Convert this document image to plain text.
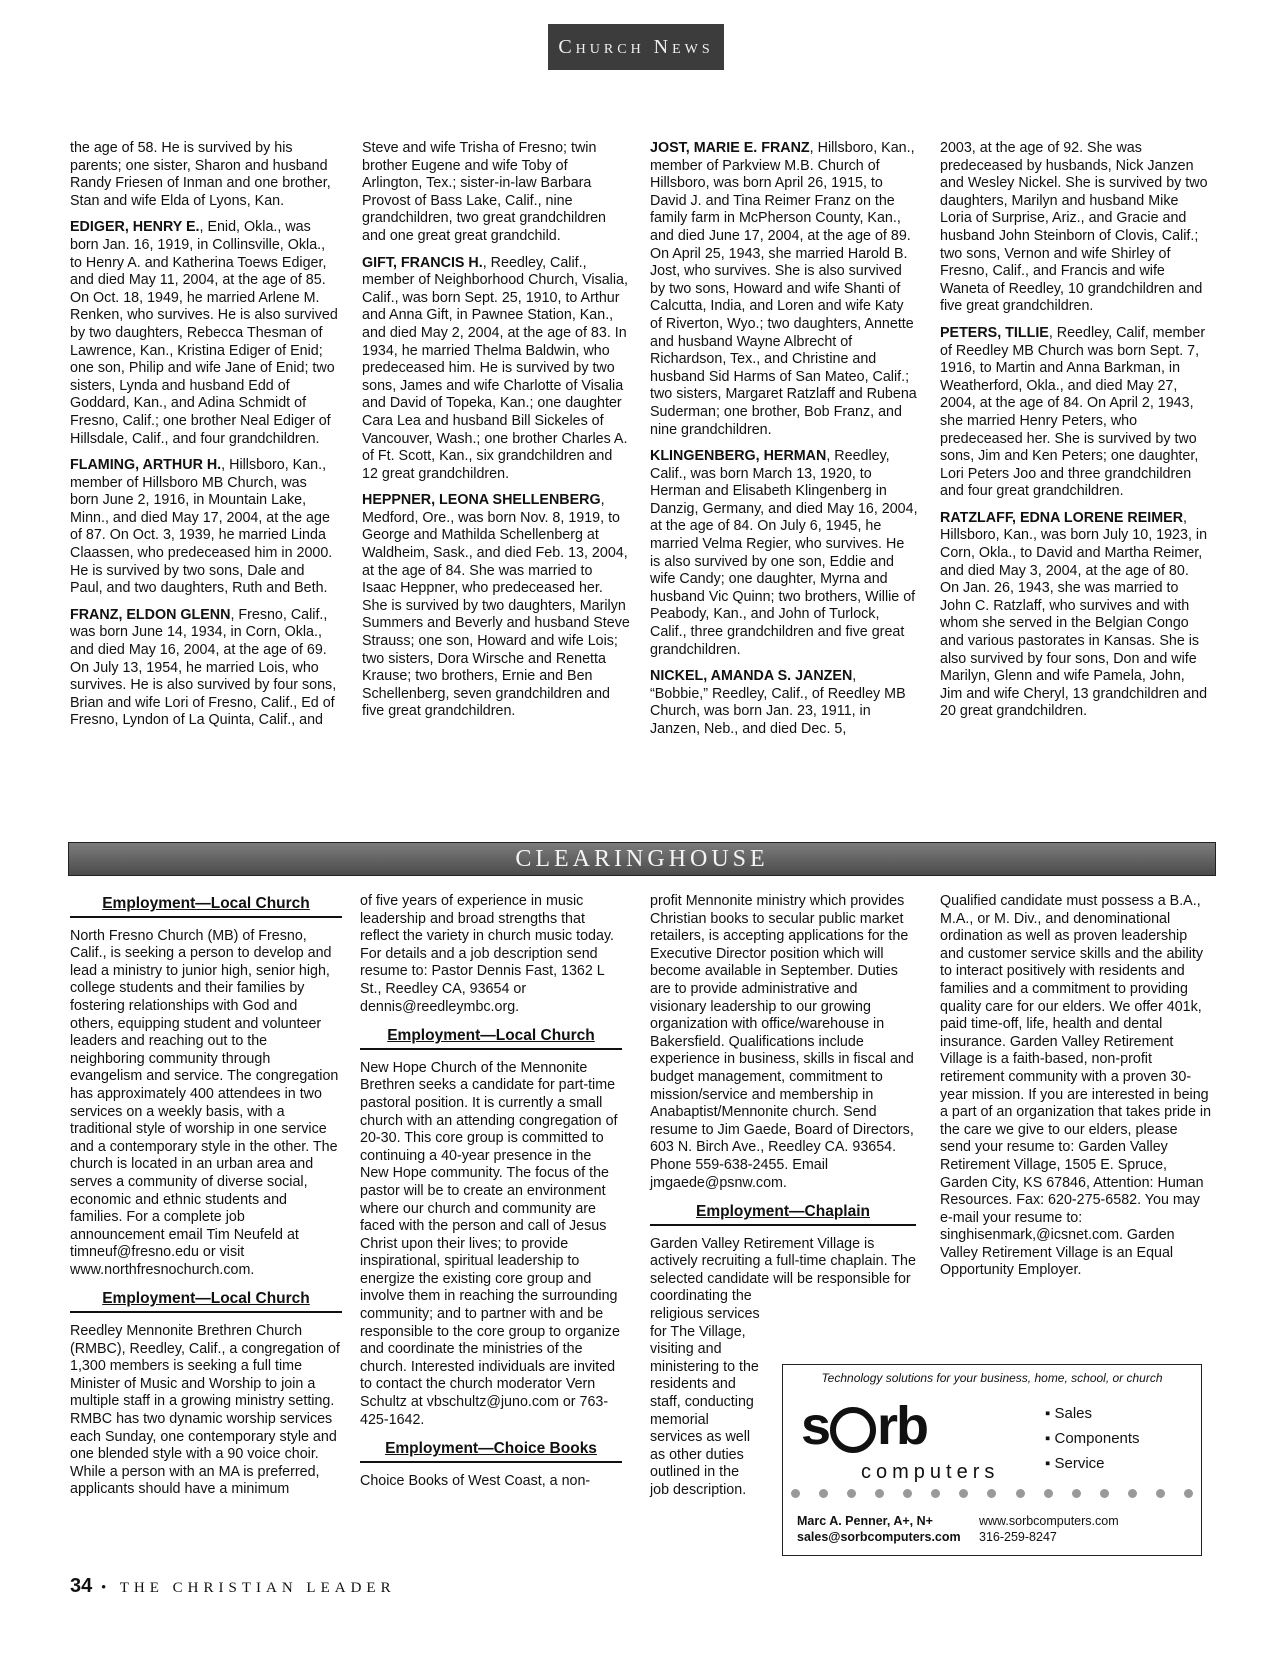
Church News

the age of 58. He is survived by his parents; one sister, Sharon and husband Randy Friesen of Inman and one brother, Stan and wife Elda of Lyons, Kan.

EDIGER, HENRY E., Enid, Okla., was born Jan. 16, 1919, in Collinsville, Okla., to Henry A. and Katherina Toews Ediger, and died May 11, 2004, at the age of 85. On Oct. 18, 1949, he married Arlene M. Renken, who survives. He is also survived by two daughters, Rebecca Thesman of Lawrence, Kan., Kristina Ediger of Enid; one son, Philip and wife Jane of Enid; two sisters, Lynda and husband Edd of Goddard, Kan., and Adina Schmidt of Fresno, Calif.; one brother Neal Ediger of Hillsdale, Calif., and four grandchildren.

FLAMING, ARTHUR H., Hillsboro, Kan., member of Hillsboro MB Church, was born June 2, 1916, in Mountain Lake, Minn., and died May 17, 2004, at the age of 87. On Oct. 3, 1939, he married Linda Claassen, who predeceased him in 2000. He is survived by two sons, Dale and Paul, and two daughters, Ruth and Beth.

FRANZ, ELDON GLENN, Fresno, Calif., was born June 14, 1934, in Corn, Okla., and died May 16, 2004, at the age of 69. On July 13, 1954, he married Lois, who survives. He is also survived by four sons, Brian and wife Lori of Fresno, Calif., Ed of Fresno, Lyndon of La Quinta, Calif., and

Steve and wife Trisha of Fresno; twin brother Eugene and wife Toby of Arlington, Tex.; sister-in-law Barbara Provost of Bass Lake, Calif., nine grandchildren, two great grandchildren and one great great grandchild.

GIFT, FRANCIS H., Reedley, Calif., member of Neighborhood Church, Visalia, Calif., was born Sept. 25, 1910, to Arthur and Anna Gift, in Pawnee Station, Kan., and died May 2, 2004, at the age of 83. In 1934, he married Thelma Baldwin, who predeceased him. He is survived by two sons, James and wife Charlotte of Visalia and David of Topeka, Kan.; one daughter Cara Lea and husband Bill Sickeles of Vancouver, Wash.; one brother Charles A. of Ft. Scott, Kan., six grandchildren and 12 great grandchildren.

HEPPNER, LEONA SHELLENBERG, Medford, Ore., was born Nov. 8, 1919, to George and Mathilda Schellenberg at Waldheim, Sask., and died Feb. 13, 2004, at the age of 84. She was married to Isaac Heppner, who predeceased her. She is survived by two daughters, Marilyn Summers and Beverly and husband Steve Strauss; one son, Howard and wife Lois; two sisters, Dora Wirsche and Renetta Krause; two brothers, Ernie and Ben Schellenberg, seven grandchildren and five great grandchildren.

JOST, MARIE E. FRANZ, Hillsboro, Kan., member of Parkview M.B. Church of Hillsboro, was born April 26, 1915, to David J. and Tina Reimer Franz on the family farm in McPherson County, Kan., and died June 17, 2004, at the age of 89. On April 25, 1943, she married Harold B. Jost, who survives. She is also survived by two sons, Howard and wife Shanti of Calcutta, India, and Loren and wife Katy of Riverton, Wyo.; two daughters, Annette and husband Wayne Albrecht of Richardson, Tex., and Christine and husband Sid Harms of San Mateo, Calif.; two sisters, Margaret Ratzlaff and Rubena Suderman; one brother, Bob Franz, and nine grandchildren.

KLINGENBERG, HERMAN, Reedley, Calif., was born March 13, 1920, to Herman and Elisabeth Klingenberg in Danzig, Germany, and died May 16, 2004, at the age of 84. On July 6, 1945, he married Velma Regier, who survives. He is also survived by one son, Eddie and wife Candy; one daughter, Myrna and husband Vic Quinn; two brothers, Willie of Peabody, Kan., and John of Turlock, Calif., three grandchildren and five great grandchildren.

NICKEL, AMANDA S. JANZEN, “Bobbie,” Reedley, Calif., of Reedley MB Church, was born Jan. 23, 1911, in Janzen, Neb., and died Dec. 5,

2003, at the age of 92. She was predeceased by husbands, Nick Janzen and Wesley Nickel. She is survived by two daughters, Marilyn and husband Mike Loria of Surprise, Ariz., and Gracie and husband John Steinborn of Clovis, Calif.; two sons, Vernon and wife Shirley of Fresno, Calif., and Francis and wife Waneta of Reedley, 10 grandchildren and five great grandchildren.

PETERS, TILLIE, Reedley, Calif, member of Reedley MB Church was born Sept. 7, 1916, to Martin and Anna Barkman, in Weatherford, Okla., and died May 27, 2004, at the age of 84. On April 2, 1943, she married Henry Peters, who predeceased her. She is survived by two sons, Jim and Ken Peters; one daughter, Lori Peters Joo and three grandchildren and four great grandchildren.

RATZLAFF, EDNA LORENE REIMER, Hillsboro, Kan., was born July 10, 1923, in Corn, Okla., to David and Martha Reimer, and died May 3, 2004, at the age of 80. On Jan. 26, 1943, she was married to John C. Ratzlaff, who survives and with whom she served in the Belgian Congo and various pastorates in Kansas. She is also survived by four sons, Don and wife Marilyn, Glenn and wife Pamela, John, Jim and wife Cheryl, 13 grandchildren and 20 great grandchildren.

CLEARINGHOUSE
Employment—Local Church

North Fresno Church (MB) of Fresno, Calif., is seeking a person to develop and lead a ministry to junior high, senior high, college students and their families by fostering relationships with God and others, equipping student and volunteer leaders and reaching out to the neighboring community through evangelism and service. The congregation has approximately 400 attendees in two services on a weekly basis, with a traditional style of worship in one service and a contemporary style in the other. The church is located in an urban area and serves a community of diverse social, economic and ethnic students and families. For a complete job announcement email Tim Neufeld at timneuf@fresno.edu or visit www.northfresnochurch.com.

Employment—Local Church

Reedley Mennonite Brethren Church (RMBC), Reedley, Calif., a congregation of 1,300 members is seeking a full time Minister of Music and Worship to join a multiple staff in a growing ministry setting. RMBC has two dynamic worship services each Sunday, one contemporary style and one blended style with a 90 voice choir. While a person with an MA is preferred, applicants should have a minimum

of five years of experience in music leadership and broad strengths that reflect the variety in church music today. For details and a job description send resume to: Pastor Dennis Fast, 1362 L St., Reedley CA, 93654 or dennis@reedleymbc.org.

Employment—Local Church

New Hope Church of the Mennonite Brethren seeks a candidate for part-time pastoral position. It is currently a small church with an attending congregation of 20-30. This core group is committed to continuing a 40-year presence in the New Hope community. The focus of the pastor will be to create an environment where our church and community are faced with the person and call of Jesus Christ upon their lives; to provide inspirational, spiritual leadership to energize the existing core group and involve them in reaching the surrounding community; and to partner with and be responsible to the core group to organize and coordinate the ministries of the church. Interested individuals are invited to contact the church moderator Vern Schultz at vbschultz@juno.com or 763-425-1642.

Employment—Choice Books

Choice Books of West Coast, a non-

profit Mennonite ministry which provides Christian books to secular public market retailers, is accepting applications for the Executive Director position which will become available in September. Duties are to provide administrative and visionary leadership to our growing organization with office/warehouse in Bakersfield. Qualifications include experience in business, skills in fiscal and budget management, commitment to mission/service and membership in Anabaptist/Mennonite church. Send resume to Jim Gaede, Board of Directors, 603 N. Birch Ave., Reedley CA. 93654. Phone 559-638-2455. Email jmgaede@psnw.com.

Employment—Chaplain

Garden Valley Retirement Village is actively recruiting a full-time chaplain. The selected candidate will be responsible for coordinating the

religious services for The Village, visiting and ministering to the residents and staff, conducting memorial services as well as other duties outlined in the job description.

Qualified candidate must possess a B.A., M.A., or M. Div., and denominational ordination as well as proven leadership and customer service skills and the ability to interact positively with residents and families and a commitment to providing quality care for our elders. We offer 401k, paid time-off, life, health and dental insurance. Garden Valley Retirement Village is a faith-based, non-profit retirement community with a proven 30-year mission. If you are interested in being a part of an organization that takes pride in the care we give to our elders, please send your resume to: Garden Valley Retirement Village, 1505 E. Spruce, Garden City, KS 67846, Attention: Human Resources. Fax: 620-275-6582. You may e-mail your resume to: singhisenmark,@icsnet.com. Garden Valley Retirement Village is an Equal Opportunity Employer.

Technology solutions for your business, home, school, or church
s rb
computers
▪ Sales
▪ Components
▪ Service
Marc A. Penner, A+, N+
sales@sorbcomputers.com
www.sorbcomputers.com
316-259-8247
34 • THE CHRISTIAN LEADER
